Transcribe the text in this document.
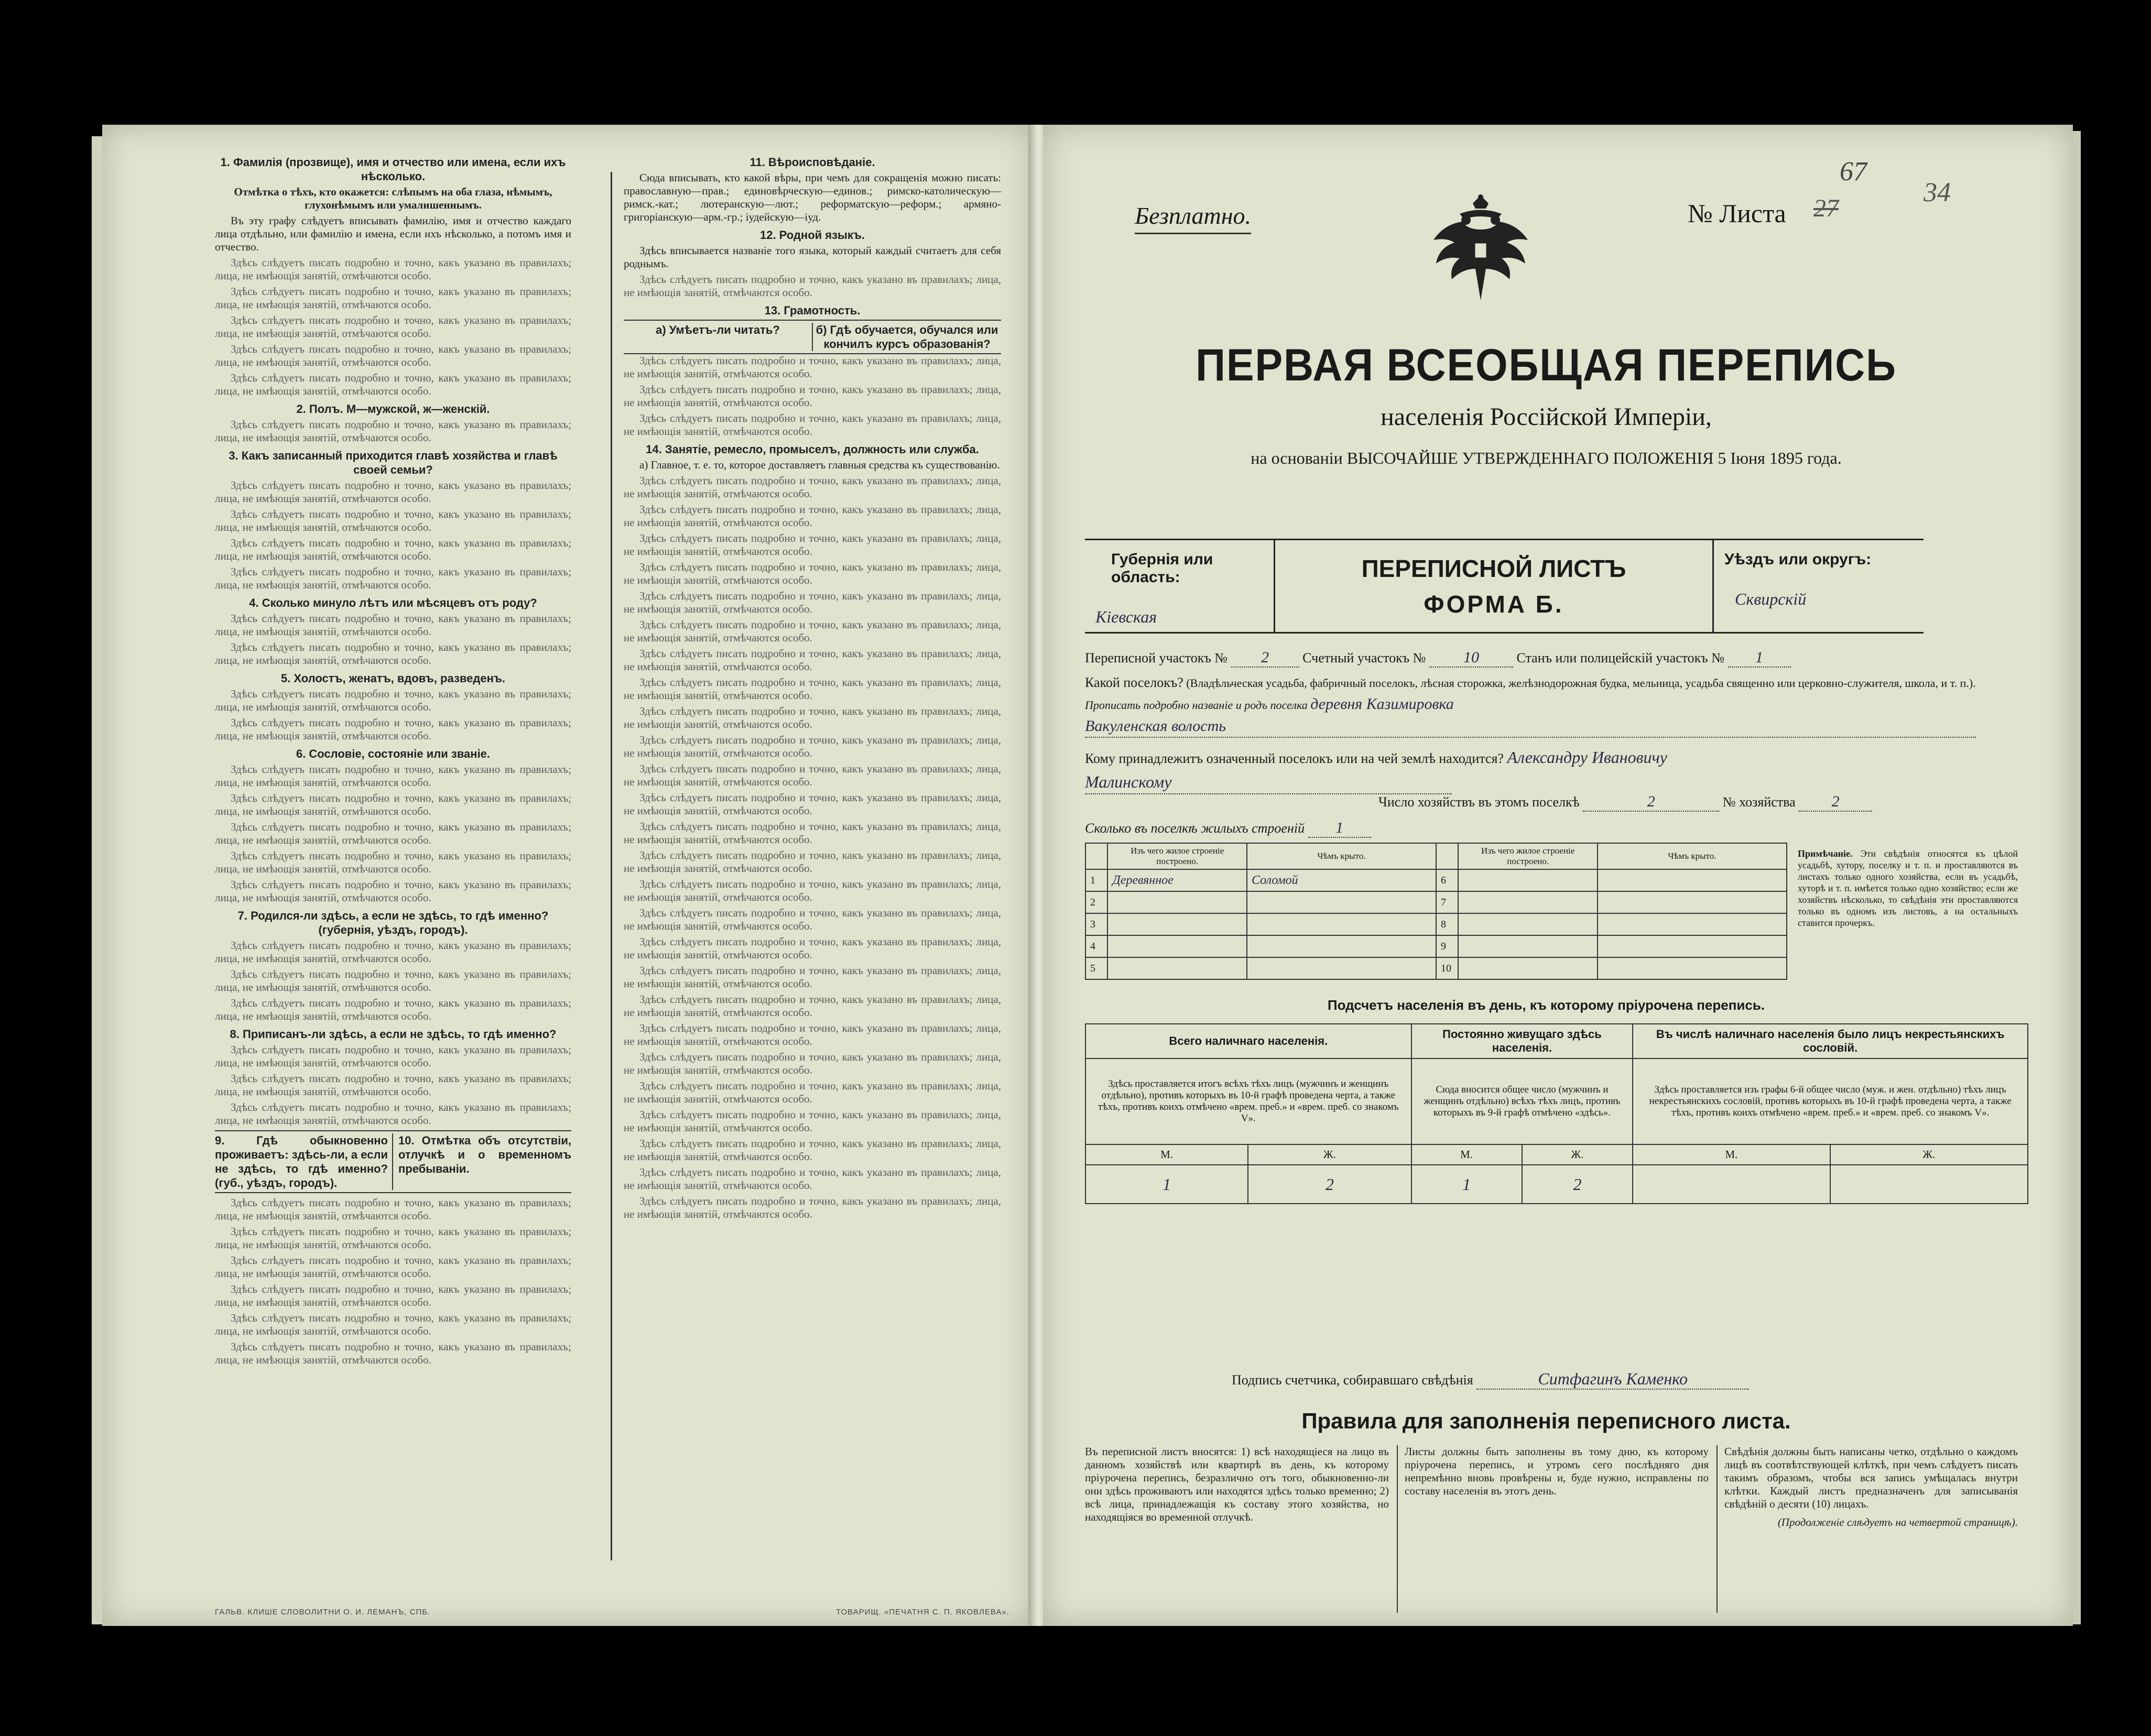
1. Фамилія (прозвище), имя и отчество или имена, если ихъ нѣсколько.

Отмѣтка о тѣхъ, кто окажется: слѣпымъ на оба глаза, нѣмымъ, глухонѣмымъ или умалишеннымъ.

Въ эту графу слѣдуетъ вписывать фамилію, имя и отчество каждаго лица отдѣльно, или фамилію и имена, если ихъ нѣсколько, а потомъ имя и отчество.

Здѣсь слѣдуетъ писать подробно и точно, какъ указано въ правилахъ; лица, не имѣющія занятій, отмѣчаются особо.

Здѣсь слѣдуетъ писать подробно и точно, какъ указано въ правилахъ; лица, не имѣющія занятій, отмѣчаются особо.

Здѣсь слѣдуетъ писать подробно и точно, какъ указано въ правилахъ; лица, не имѣющія занятій, отмѣчаются особо.

Здѣсь слѣдуетъ писать подробно и точно, какъ указано въ правилахъ; лица, не имѣющія занятій, отмѣчаются особо.

Здѣсь слѣдуетъ писать подробно и точно, какъ указано въ правилахъ; лица, не имѣющія занятій, отмѣчаются особо.

2. Полъ. М—мужской, ж—женскій.

Здѣсь слѣдуетъ писать подробно и точно, какъ указано въ правилахъ; лица, не имѣющія занятій, отмѣчаются особо.

3. Какъ записанный приходится главѣ хозяйства и главѣ своей семьи?

Здѣсь слѣдуетъ писать подробно и точно, какъ указано въ правилахъ; лица, не имѣющія занятій, отмѣчаются особо.

Здѣсь слѣдуетъ писать подробно и точно, какъ указано въ правилахъ; лица, не имѣющія занятій, отмѣчаются особо.

Здѣсь слѣдуетъ писать подробно и точно, какъ указано въ правилахъ; лица, не имѣющія занятій, отмѣчаются особо.

Здѣсь слѣдуетъ писать подробно и точно, какъ указано въ правилахъ; лица, не имѣющія занятій, отмѣчаются особо.

4. Сколько минуло лѣтъ или мѣсяцевъ отъ роду?

Здѣсь слѣдуетъ писать подробно и точно, какъ указано въ правилахъ; лица, не имѣющія занятій, отмѣчаются особо.

Здѣсь слѣдуетъ писать подробно и точно, какъ указано въ правилахъ; лица, не имѣющія занятій, отмѣчаются особо.

5. Холостъ, женатъ, вдовъ, разведенъ.

Здѣсь слѣдуетъ писать подробно и точно, какъ указано въ правилахъ; лица, не имѣющія занятій, отмѣчаются особо.

Здѣсь слѣдуетъ писать подробно и точно, какъ указано въ правилахъ; лица, не имѣющія занятій, отмѣчаются особо.

6. Сословіе, состояніе или званіе.

Здѣсь слѣдуетъ писать подробно и точно, какъ указано въ правилахъ; лица, не имѣющія занятій, отмѣчаются особо.

Здѣсь слѣдуетъ писать подробно и точно, какъ указано въ правилахъ; лица, не имѣющія занятій, отмѣчаются особо.

Здѣсь слѣдуетъ писать подробно и точно, какъ указано въ правилахъ; лица, не имѣющія занятій, отмѣчаются особо.

Здѣсь слѣдуетъ писать подробно и точно, какъ указано въ правилахъ; лица, не имѣющія занятій, отмѣчаются особо.

Здѣсь слѣдуетъ писать подробно и точно, какъ указано въ правилахъ; лица, не имѣющія занятій, отмѣчаются особо.

7. Родился-ли здѣсь, а если не здѣсь, то гдѣ именно? (губернія, уѣздъ, городъ).

Здѣсь слѣдуетъ писать подробно и точно, какъ указано въ правилахъ; лица, не имѣющія занятій, отмѣчаются особо.

Здѣсь слѣдуетъ писать подробно и точно, какъ указано въ правилахъ; лица, не имѣющія занятій, отмѣчаются особо.

Здѣсь слѣдуетъ писать подробно и точно, какъ указано въ правилахъ; лица, не имѣющія занятій, отмѣчаются особо.

8. Приписанъ-ли здѣсь, а если не здѣсь, то гдѣ именно?

Здѣсь слѣдуетъ писать подробно и точно, какъ указано въ правилахъ; лица, не имѣющія занятій, отмѣчаются особо.

Здѣсь слѣдуетъ писать подробно и точно, какъ указано въ правилахъ; лица, не имѣющія занятій, отмѣчаются особо.

Здѣсь слѣдуетъ писать подробно и точно, какъ указано въ правилахъ; лица, не имѣющія занятій, отмѣчаются особо.

9. Гдѣ обыкновенно проживаетъ: здѣсь-ли, а если не здѣсь, то гдѣ именно? (губ., уѣздъ, городъ).
10. Отмѣтка объ отсутствіи, отлучкѣ и о временномъ пребываніи.

Здѣсь слѣдуетъ писать подробно и точно, какъ указано въ правилахъ; лица, не имѣющія занятій, отмѣчаются особо.

Здѣсь слѣдуетъ писать подробно и точно, какъ указано въ правилахъ; лица, не имѣющія занятій, отмѣчаются особо.

Здѣсь слѣдуетъ писать подробно и точно, какъ указано въ правилахъ; лица, не имѣющія занятій, отмѣчаются особо.

Здѣсь слѣдуетъ писать подробно и точно, какъ указано въ правилахъ; лица, не имѣющія занятій, отмѣчаются особо.

Здѣсь слѣдуетъ писать подробно и точно, какъ указано въ правилахъ; лица, не имѣющія занятій, отмѣчаются особо.

Здѣсь слѣдуетъ писать подробно и точно, какъ указано въ правилахъ; лица, не имѣющія занятій, отмѣчаются особо.

11. Вѣроисповѣданіе.

Сюда вписывать, кто какой вѣры, при чемъ для сокращенія можно писать: православную—прав.; единовѣрческую—единов.; римско-католическую—римск.-кат.; лютеранскую—лют.; реформатскую—реформ.; армяно-григоріанскую—арм.-гр.; іудейскую—іуд.

12. Родной языкъ.

Здѣсь вписывается названіе того языка, который каждый считаетъ для себя роднымъ.

Здѣсь слѣдуетъ писать подробно и точно, какъ указано въ правилахъ; лица, не имѣющія занятій, отмѣчаются особо.

13. Грамотность.
а) Умѣетъ-ли читать?	б) Гдѣ обучается, обучался или кончилъ курсъ образованія?

Здѣсь слѣдуетъ писать подробно и точно, какъ указано въ правилахъ; лица, не имѣющія занятій, отмѣчаются особо.

Здѣсь слѣдуетъ писать подробно и точно, какъ указано въ правилахъ; лица, не имѣющія занятій, отмѣчаются особо.

Здѣсь слѣдуетъ писать подробно и точно, какъ указано въ правилахъ; лица, не имѣющія занятій, отмѣчаются особо.

14. Занятіе, ремесло, промыселъ, должность или служба.

а) Главное, т. е. то, которое доставляетъ главныя средства къ существованію.

Здѣсь слѣдуетъ писать подробно и точно, какъ указано въ правилахъ; лица, не имѣющія занятій, отмѣчаются особо.

Здѣсь слѣдуетъ писать подробно и точно, какъ указано въ правилахъ; лица, не имѣющія занятій, отмѣчаются особо.

Здѣсь слѣдуетъ писать подробно и точно, какъ указано въ правилахъ; лица, не имѣющія занятій, отмѣчаются особо.

Здѣсь слѣдуетъ писать подробно и точно, какъ указано въ правилахъ; лица, не имѣющія занятій, отмѣчаются особо.

Здѣсь слѣдуетъ писать подробно и точно, какъ указано въ правилахъ; лица, не имѣющія занятій, отмѣчаются особо.

Здѣсь слѣдуетъ писать подробно и точно, какъ указано въ правилахъ; лица, не имѣющія занятій, отмѣчаются особо.

Здѣсь слѣдуетъ писать подробно и точно, какъ указано въ правилахъ; лица, не имѣющія занятій, отмѣчаются особо.

Здѣсь слѣдуетъ писать подробно и точно, какъ указано въ правилахъ; лица, не имѣющія занятій, отмѣчаются особо.

Здѣсь слѣдуетъ писать подробно и точно, какъ указано въ правилахъ; лица, не имѣющія занятій, отмѣчаются особо.

Здѣсь слѣдуетъ писать подробно и точно, какъ указано въ правилахъ; лица, не имѣющія занятій, отмѣчаются особо.

Здѣсь слѣдуетъ писать подробно и точно, какъ указано въ правилахъ; лица, не имѣющія занятій, отмѣчаются особо.

Здѣсь слѣдуетъ писать подробно и точно, какъ указано въ правилахъ; лица, не имѣющія занятій, отмѣчаются особо.

Здѣсь слѣдуетъ писать подробно и точно, какъ указано въ правилахъ; лица, не имѣющія занятій, отмѣчаются особо.

Здѣсь слѣдуетъ писать подробно и точно, какъ указано въ правилахъ; лица, не имѣющія занятій, отмѣчаются особо.

Здѣсь слѣдуетъ писать подробно и точно, какъ указано въ правилахъ; лица, не имѣющія занятій, отмѣчаются особо.

Здѣсь слѣдуетъ писать подробно и точно, какъ указано въ правилахъ; лица, не имѣющія занятій, отмѣчаются особо.

Здѣсь слѣдуетъ писать подробно и точно, какъ указано въ правилахъ; лица, не имѣющія занятій, отмѣчаются особо.

Здѣсь слѣдуетъ писать подробно и точно, какъ указано въ правилахъ; лица, не имѣющія занятій, отмѣчаются особо.

Здѣсь слѣдуетъ писать подробно и точно, какъ указано въ правилахъ; лица, не имѣющія занятій, отмѣчаются особо.

Здѣсь слѣдуетъ писать подробно и точно, какъ указано въ правилахъ; лица, не имѣющія занятій, отмѣчаются особо.

Здѣсь слѣдуетъ писать подробно и точно, какъ указано въ правилахъ; лица, не имѣющія занятій, отмѣчаются особо.

Здѣсь слѣдуетъ писать подробно и точно, какъ указано въ правилахъ; лица, не имѣющія занятій, отмѣчаются особо.

Здѣсь слѣдуетъ писать подробно и точно, какъ указано въ правилахъ; лица, не имѣющія занятій, отмѣчаются особо.

Здѣсь слѣдуетъ писать подробно и точно, какъ указано въ правилахъ; лица, не имѣющія занятій, отмѣчаются особо.

Здѣсь слѣдуетъ писать подробно и точно, какъ указано въ правилахъ; лица, не имѣющія занятій, отмѣчаются особо.

Здѣсь слѣдуетъ писать подробно и точно, какъ указано въ правилахъ; лица, не имѣющія занятій, отмѣчаются особо.

ГАЛЬВ. КЛИШЕ СЛОВОЛИТНИ О. И. ЛЕМАНЪ, СПБ.	ТОВАРИЩ. «ПЕЧАТНЯ С. П. ЯКОВЛЕВА».
Безплатно.	№ Листа 27
67
34
ПЕРВАЯ ВСЕОБЩАЯ ПЕРЕПИСЬ
населенія Россійской Имперіи,
на основаніи ВЫСОЧАЙШЕ УТВЕРЖДЕННАГО ПОЛОЖЕНІЯ 5 Іюня 1895 года.
Губернія или область:
Кіевская
ПЕРЕПИСНОЙ ЛИСТЪ
ФОРМА Б.
Уѣздъ или округъ:
Сквирскій
Переписной участокъ № 2 Счетный участокъ № 10	Станъ или полицейскій участокъ № 1
Какой поселокъ? (Владѣльческая усадьба, фабричный поселокъ, лѣсная сторожка, желѣзнодорожная будка, мельница, усадьба священно или церковно-служителя, школа, и т. п.). Прописать подробно названіе и родъ поселка деревня Казимировка
Вакуленская волость
Кому принадлежитъ означенный поселокъ или на чей землѣ находится? Александру Ивановичу
Малинскому
Число хозяйствъ въ этомъ поселкѣ	2	№ хозяйства 2
Сколько въ поселкѣ жилыхъ строеній 1
	Изъ чего жилое строеніе построено.	Чѣмъ крыто.		Изъ чего жилое строеніе построено.	Чѣмъ крыто.
1	Деревянное	Соломой	6		
2			7		
3			8		
4			9		
5			10		
Примѣчаніе. Эти свѣдѣнія относятся къ цѣлой усадьбѣ, хутору, поселку и т. п. и проставляются въ листахъ только одного хозяйства, если въ усадьбѣ, хуторѣ и т. п. имѣется только одно хозяйство; если же хозяйствъ нѣсколько, то свѣдѣнія эти проставляются только въ одномъ изъ листовъ, а на остальныхъ ставится прочеркъ.
Подсчетъ населенія въ день, къ которому пріурочена перепись.
Всего наличнаго населенія.		Постоянно живущаго здѣсь населенія.		Въ числѣ наличнаго населенія было лицъ некрестьянскихъ сословій.	
Здѣсь проставляется итогъ всѣхъ тѣхъ лицъ (мужчинъ и женщинъ отдѣльно), противъ которыхъ въ 10-й графѣ проведена черта, а также тѣхъ, противъ коихъ отмѣчено «врем. преб.» и «врем. преб. со знакомъ V».		Сюда вносится общее число (мужчинъ и женщинъ отдѣльно) всѣхъ тѣхъ лицъ, противъ которыхъ въ 9-й графѣ отмѣчено «здѣсь».		Здѣсь проставляется изъ графы 6-й общее число (муж. и жен. отдѣльно) тѣхъ лицъ некрестьянскихъ сословій, противъ которыхъ въ 10-й графѣ проведена черта, а также тѣхъ, противъ коихъ отмѣчено «врем. преб.» и «врем. преб. со знакомъ V».	
М.	Ж.	М.	Ж.	М.	Ж.
1	2	1	2		
Подпись счетчика, собиравшаго свѣдѣнія	Ситфагинъ Каменко
Правила для заполненія переписного листа.
Въ переписной листъ вносятся: 1) всѣ находящіеся на лицо въ данномъ хозяйствѣ или квартирѣ въ день, къ которому пріурочена перепись, безразлично отъ того, обыкновенно-ли они здѣсь проживаютъ или находятся здѣсь только временно; 2) всѣ лица, принадлежащія къ составу этого хозяйства, но находящіяся во временной отлучкѣ.
Листы должны быть заполнены въ тому дню, къ которому пріурочена перепись, и утромъ сего послѣдняго дня непремѣнно вновь провѣрены и, буде нужно, исправлены по составу населенія въ этотъ день.
Свѣдѣнія должны быть написаны четко, отдѣльно о каждомъ лицѣ въ соотвѣтствующей клѣткѣ, при чемъ слѣдуетъ писать такимъ образомъ, чтобы вся запись умѣщалась внутри клѣтки. Каждый листъ предназначенъ для записыванія свѣдѣній о десяти (10) лицахъ.
(Продолженіе слѣдуетъ на четвертой страницѣ).
